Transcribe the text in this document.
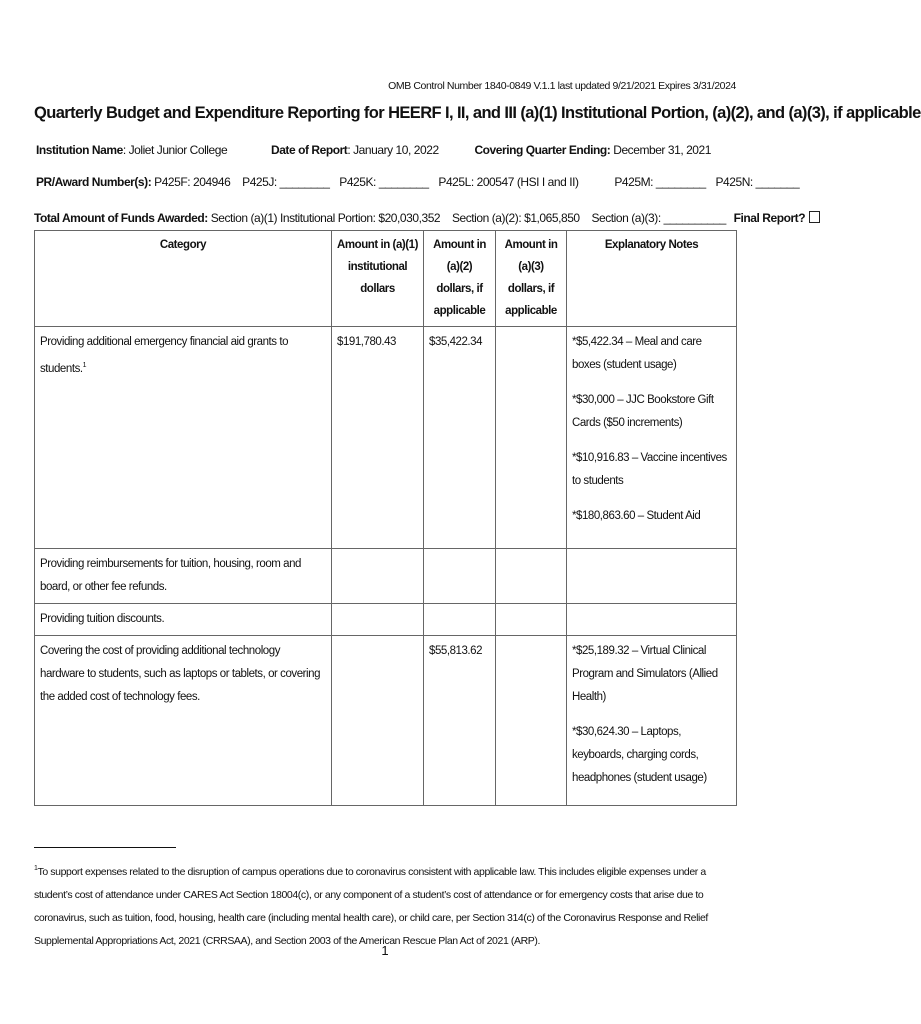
OMB Control Number 1840-0849 V.1.1 last updated 9/21/2021 Expires 3/31/2024
Quarterly Budget and Expenditure Reporting for HEERF I, II, and III (a)(1) Institutional Portion, (a)(2), and (a)(3), if applicable
Institution Name: Joliet Junior College	Date of Report: January 10, 2022	Covering Quarter Ending: December 31, 2021
PR/Award Number(s): P425F: 204946 P425J: ________ P425K: ________ P425L: 200547 (HSI I and II)	P425M: ________ P425N: _______
Total Amount of Funds Awarded: Section (a)(1) Institutional Portion: $20,030,352 Section (a)(2): $1,065,850 Section (a)(3): __________ Final Report?
Category	Amount in (a)(1) institutional dollars	Amount in (a)(2) dollars, if applicable	Amount in (a)(3) dollars, if applicable	Explanatory Notes
Providing additional emergency financial aid grants to students.$^1$	$191,780.43	$35,422.34		*$5,422.34 – Meal and care boxes (student usage)

*$30,000 – JJC Bookstore Gift Cards ($50 increments)

*$10,916.83 – Vaccine incentives to students

*$180,863.60 – Student Aid

Providing reimbursements for tuition, housing, room and board, or other fee refunds.				
Providing tuition discounts.				
Covering the cost of providing additional technology hardware to students, such as laptops or tablets, or covering the added cost of technology fees.		$55,813.62		*$25,189.32 – Virtual Clinical Program and Simulators (Allied Health)

*$30,624.30 – Laptops, keyboards, charging cords, headphones (student usage)

$^1$To support expenses related to the disruption of campus operations due to coronavirus consistent with applicable law. This includes eligible expenses under a student’s cost of attendance under CARES Act Section 18004(c), or any component of a student’s cost of attendance or for emergency costs that arise due to coronavirus, such as tuition, food, housing, health care (including mental health care), or child care, per Section 314(c) of the Coronavirus Response and Relief Supplemental Appropriations Act, 2021 (CRRSAA), and Section 2003 of the American Rescue Plan Act of 2021 (ARP).
1
